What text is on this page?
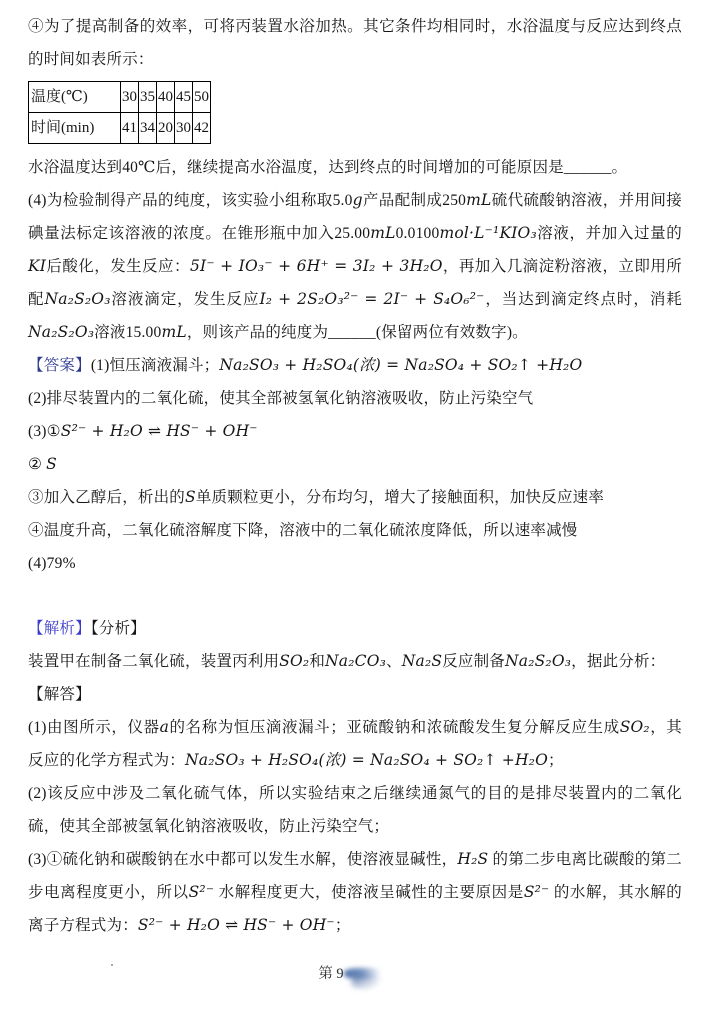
④为了提高制备的效率，可将丙装置水浴加热。其它条件均相同时，水浴温度与反应达到终点的时间如表所示：

温度(℃)	30	35	40	45	50
时间(min)	41	34	20	30	42

水浴温度达到40℃后，继续提高水浴温度，达到终点的时间增加的可能原因是______。

(4)为检验制得产品的纯度，该实验小组称取5.0g产品配制成250mL硫代硫酸钠溶液，并用间接碘量法标定该溶液的浓度。在锥形瓶中加入25.00mL0.0100mol·L⁻¹KIO₃溶液，并加入过量的KI后酸化，发生反应：5I⁻ + IO₃⁻ + 6H⁺ = 3I₂ + 3H₂O，再加入几滴淀粉溶液，立即用所配Na₂S₂O₃溶液滴定，发生反应I₂ + 2S₂O₃²⁻ = 2I⁻ + S₄O₆²⁻，当达到滴定终点时，消耗Na₂S₂O₃溶液15.00mL，则该产品的纯度为______(保留两位有效数字)。

【答案】(1)恒压滴液漏斗；Na₂SO₃ + H₂SO₄(浓) = Na₂SO₄ + SO₂↑ +H₂O

(2)排尽装置内的二氧化硫，使其全部被氢氧化钠溶液吸收，防止污染空气

(3)①S²⁻ + H₂O ⇌ HS⁻ + OH⁻

② S

③加入乙醇后，析出的S单质颗粒更小，分布均匀，增大了接触面积，加快反应速率

④温度升高，二氧化硫溶解度下降，溶液中的二氧化硫浓度降低，所以速率减慢

(4)79%

【解析】【分析】

装置甲在制备二氧化硫，装置丙利用SO₂和Na₂CO₃、Na₂S反应制备Na₂S₂O₃，据此分析：

【解答】

(1)由图所示，仪器a的名称为恒压滴液漏斗；亚硫酸钠和浓硫酸发生复分解反应生成SO₂，其反应的化学方程式为：Na₂SO₃ + H₂SO₄(浓) = Na₂SO₄ + SO₂↑ +H₂O；

(2)该反应中涉及二氧化硫气体，所以实验结束之后继续通氮气的目的是排尽装置内的二氧化硫，使其全部被氢氧化钠溶液吸收，防止污染空气；

(3)①硫化钠和碳酸钠在水中都可以发生水解，使溶液显碱性，H₂S 的第二步电离比碳酸的第二步电离程度更小，所以S²⁻ 水解程度更大，使溶液呈碱性的主要原因是S²⁻ 的水解，其水解的离子方程式为：S²⁻ + H₂O ⇌ HS⁻ + OH⁻；

第 9
